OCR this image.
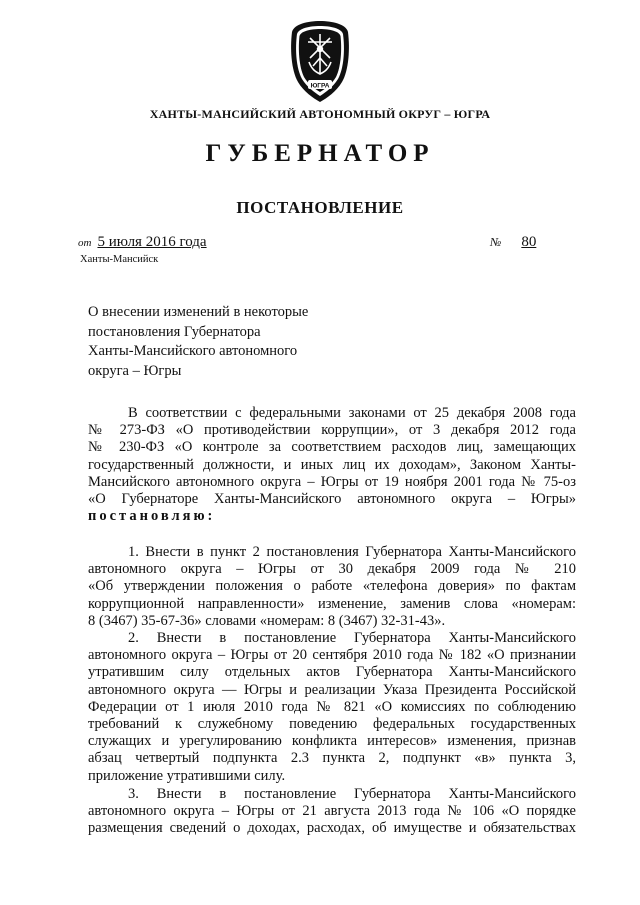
ЮГРА
ХАНТЫ-МАНСИЙСКИЙ АВТОНОМНЫЙ ОКРУГ – ЮГРА
ГУБЕРНАТОР
ПОСТАНОВЛЕНИЕ
от 5 июля 2016 года	№ 80
Ханты-Мансийск
О внесении изменений в некоторые
постановления Губернатора
Ханты-Мансийского автономного
округа – Югры
В соответствии с федеральными законами от 25 декабря 2008 года
№ 273-ФЗ «О противодействии коррупции», от 3 декабря 2012 года
№ 230-ФЗ «О контроле за соответствием расходов лиц, замещающих
государственный должности, и иных лиц их доходам», Законом Ханты-
Мансийского автономного округа – Югры от 19 ноября 2001 года № 75-оз
«О Губернаторе Ханты-Мансийского автономного округа – Югры»
постановляю:
1. Внести в пункт 2 постановления Губернатора Ханты-Мансийского
автономного округа – Югры от 30 декабря 2009 года № 210
«Об утверждении положения о работе «телефона доверия» по фактам
коррупционной направленности» изменение, заменив слова «номерам:
8 (3467) 35-67-36» словами «номерам: 8 (3467) 32-31-43».
2. Внести в постановление Губернатора Ханты-Мансийского
автономного округа – Югры от 20 сентября 2010 года № 182 «О признании
утратившим силу отдельных актов Губернатора Ханты-Мансийского
автономного округа — Югры и реализации Указа Президента Российской
Федерации от 1 июля 2010 года № 821 «О комиссиях по соблюдению
требований к служебному поведению федеральных государственных
служащих и урегулированию конфликта интересов» изменения, признав
абзац четвертый подпункта 2.3 пункта 2, подпункт «в» пункта 3,
приложение утратившими силу.
3. Внести в постановление Губернатора Ханты-Мансийского
автономного округа – Югры от 21 августа 2013 года № 106 «О порядке
размещения сведений о доходах, расходах, об имуществе и обязательствах
